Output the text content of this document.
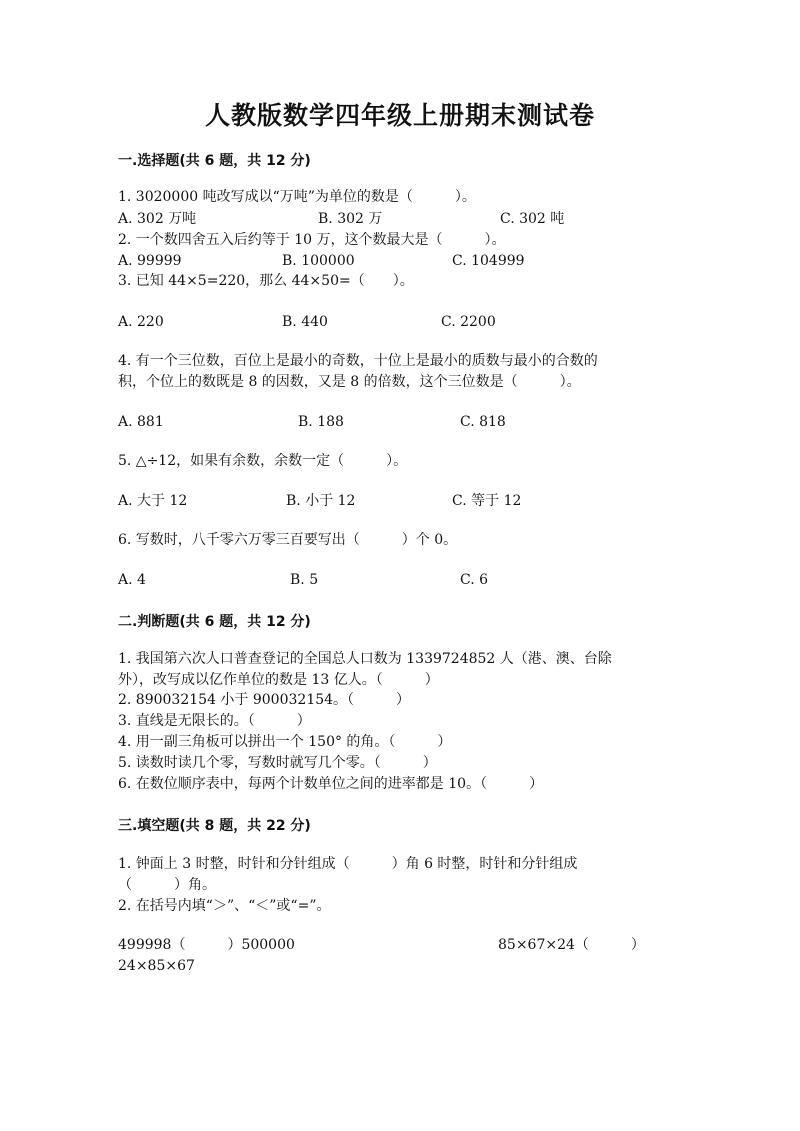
人教版数学四年级上册期末测试卷
一.选择题(共 6 题，共 12 分)
1. 3020000 吨改写成以“万吨”为单位的数是（　　　）。
A. 302 万吨	B. 302 万	C. 302 吨
2. 一个数四舍五入后约等于 10 万，这个数最大是（　　　）。
A. 99999	B. 100000	C. 104999
3. 已知 44×5=220，那么 44×50=（　　）。
A. 220	B. 440	C. 2200
4. 有一个三位数，百位上是最小的奇数，十位上是最小的质数与最小的合数的
积，个位上的数既是 8 的因数，又是 8 的倍数，这个三位数是（　　　）。
A. 881	B. 188	C. 818
5. △÷12，如果有余数，余数一定（　　　）。
A. 大于 12	B. 小于 12	C. 等于 12
6. 写数时，八千零六万零三百要写出（　　　）个 0。
A. 4	B. 5	C. 6
二.判断题(共 6 题，共 12 分)
1. 我国第六次人口普查登记的全国总人口数为 1339724852 人（港、澳、台除
外），改写成以亿作单位的数是 13 亿人。（　　　）
2. 890032154 小于 900032154。（　　　）
3. 直线是无限长的。（　　　）
4. 用一副三角板可以拼出一个 150° 的角。（　　　）
5. 读数时读几个零，写数时就写几个零。（　　　）
6. 在数位顺序表中，每两个计数单位之间的进率都是 10。（　　　）
三.填空题(共 8 题，共 22 分)
1. 钟面上 3 时整，时针和分针组成（　　　）角 6 时整，时针和分针组成
（　　　）角。
2. 在括号内填“＞”、“＜”或“=”。
499998（　　　）500000	85×67×24（　　　）
24×85×67
